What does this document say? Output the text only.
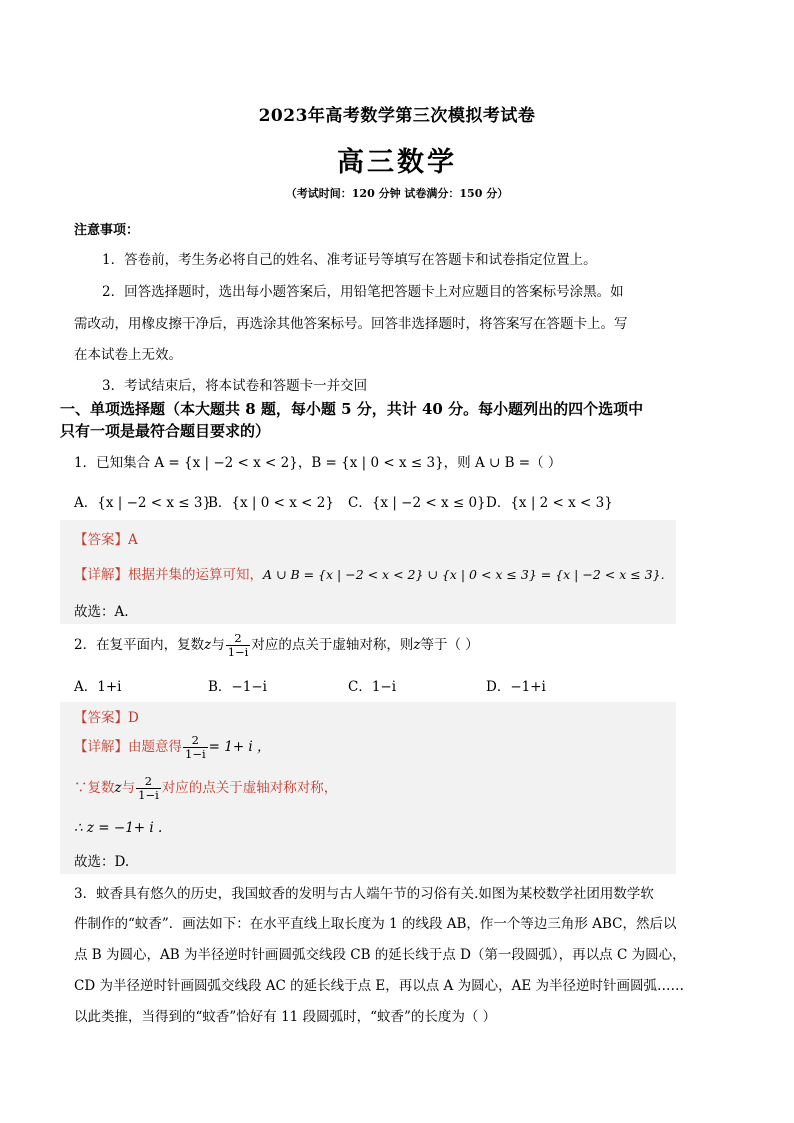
2023年高考数学第三次模拟考试卷
高三数学
（考试时间：120 分钟 试卷满分：150 分）
注意事项：
1．答卷前，考生务必将自己的姓名、准考证号等填写在答题卡和试卷指定位置上。
2．回答选择题时，选出每小题答案后，用铅笔把答题卡上对应题目的答案标号涂黑。如
需改动，用橡皮擦干净后，再选涂其他答案标号。回答非选择题时，将答案写在答题卡上。写
在本试卷上无效。
3．考试结束后，将本试卷和答题卡一并交回
一、单项选择题（本大题共 8 题，每小题 5 分，共计 40 分。每小题列出的四个选项中
只有一项是最符合题目要求的）
1．已知集合 A = {x | −2 < x < 2}，B = {x | 0 < x ≤ 3}，则 A ∪ B =（ ）
A．{x | −2 < x ≤ 3}
B．{x | 0 < x < 2} C．{x | −2 < x ≤ 0} D．{x | 2 < x < 3}
【答案】A
【详解】根据并集的运算可知，A ∪ B = {x | −2 < x < 2} ∪ {x | 0 < x ≤ 3} = {x | −2 < x ≤ 3}.
故选：A.
2．在复平面内，复数z与 $\frac{2}{1-i}$ 对应的点关于虚轴对称，则z等于（ ）
A．1+i	B．−1−i	C．1−i	D．−1+i
【答案】D
【详解】由题意得 $\frac{2}{1-i} = 1+ i$ ，
∵复数z与 $\frac{2}{1-i}$ 对应的点关于虚轴对称对称，
∴ z = −1+ i .
故选：D.
3．蚊香具有悠久的历史，我国蚊香的发明与古人端午节的习俗有关.如图为某校数学社团用数学软
件制作的“蚊香”．画法如下：在水平直线上取长度为 1 的线段 AB，作一个等边三角形 ABC，然后以
点 B 为圆心，AB 为半径逆时针画圆弧交线段 CB 的延长线于点 D（第一段圆弧），再以点 C 为圆心，
CD 为半径逆时针画圆弧交线段 AC 的延长线于点 E，再以点 A 为圆心，AE 为半径逆时针画圆弧……
以此类推，当得到的“蚊香”恰好有 11 段圆弧时，“蚊香”的长度为（ ）
